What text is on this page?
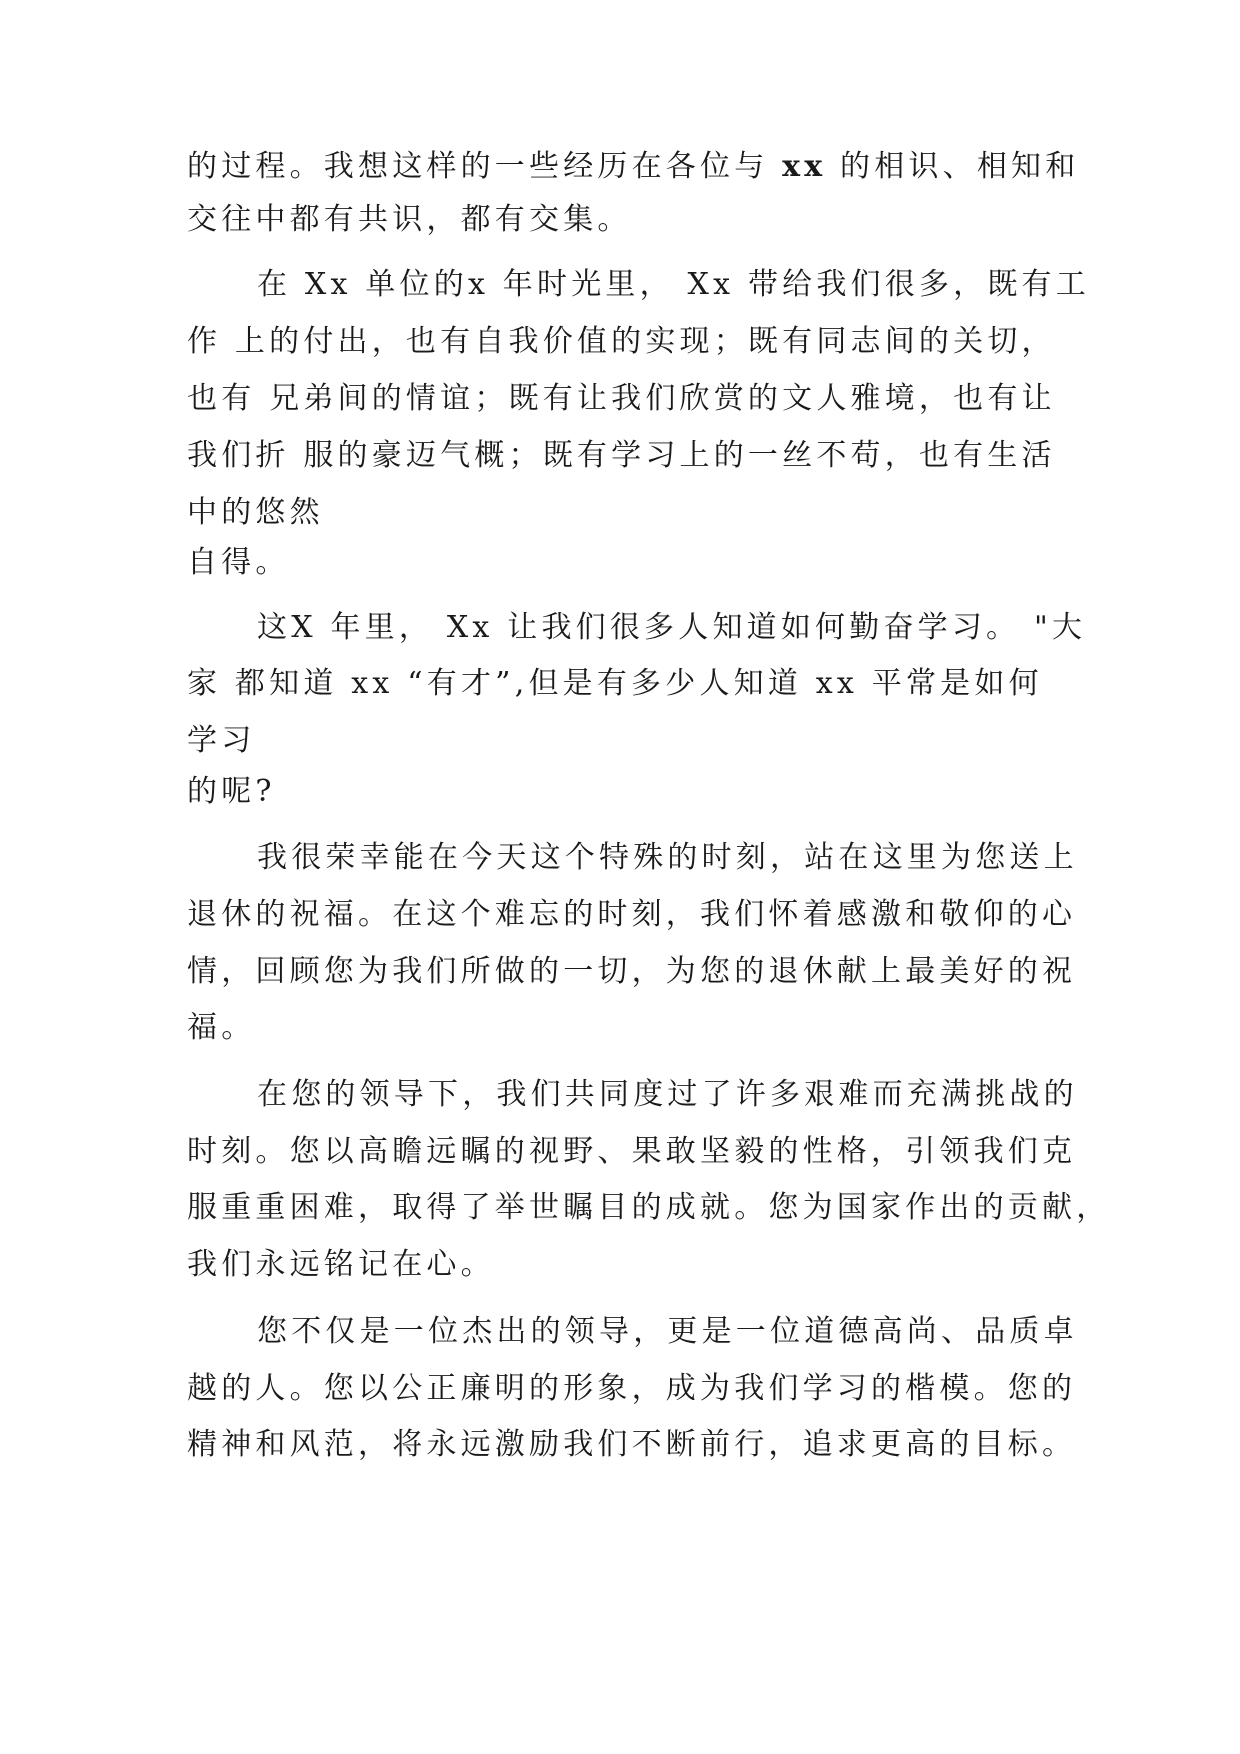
的过程。我想这样的一些经历在各位与 xx 的相识、相知和
交往中都有共识，都有交集。
在 Xx 单位的x 年时光里， Xx 带给我们很多，既有工
作 上的付出，也有自我价值的实现；既有同志间的关切，
也有 兄弟间的情谊；既有让我们欣赏的文人雅境，也有让
我们折 服的豪迈气概；既有学习上的一丝不苟，也有生活
中的悠然
自得。
这X 年里， Xx 让我们很多人知道如何勤奋学习。 "大
家 都知道 xx “有才”,但是有多少人知道 xx 平常是如何
学习
的呢?
我很荣幸能在今天这个特殊的时刻，站在这里为您送上
退休的祝福。在这个难忘的时刻，我们怀着感激和敬仰的心
情，回顾您为我们所做的一切，为您的退休献上最美好的祝
福。
在您的领导下，我们共同度过了许多艰难而充满挑战的
时刻。您以高瞻远瞩的视野、果敢坚毅的性格，引领我们克
服重重困难，取得了举世瞩目的成就。您为国家作出的贡献，
我们永远铭记在心。
您不仅是一位杰出的领导，更是一位道德高尚、品质卓
越的人。您以公正廉明的形象，成为我们学习的楷模。您的
精神和风范，将永远激励我们不断前行，追求更高的目标。
